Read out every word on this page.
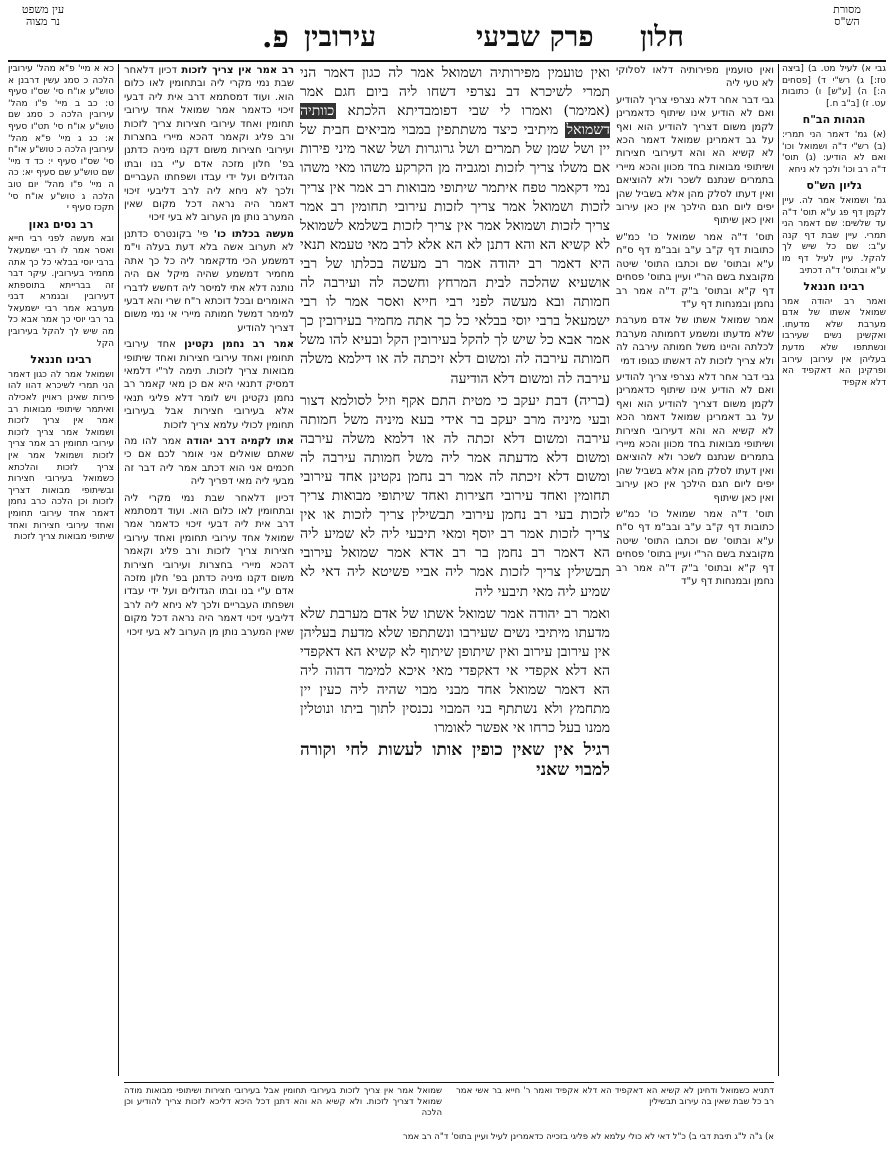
עין משפט
נר מצוה	פ. עירובין	פרק שביעי חלון
מסורת
הש"ס

גבי א) לעיל מט. ב) [ביצה טז:] ג) רש"י ד) [פסחים ה:] ה) [ע"ש] ו) כתובות עט. ז) [ב"ב ח.]

הגהות הב"ח

(א) גמ' דאמר הני תמרי: (ב) רש"י ד"ה ושמואל וכו' ואם לא הודיע: (ג) תוס' ד"ה רב וכו' ולכך לא ניחא

גליון הש"ס

גמ' ושמואל אמר לה. עיין לקמן דף פג ע"א תוס' ד"ה עד שלשים: שם דאמר הני תמרי. עיין שבת דף קנה ע"ב: שם כל שיש לך להקל. עיין לעיל דף מו ע"א ובתוס' ד"ה דכתיב

רבינו חננאל

ואמר רב יהודה אמר שמואל אשתו של אדם מערבת שלא מדעתו. ואקשינן נשים שעירבו ונשתתפו שלא מדעת בעליהן אין עירובן עירוב ופרקינן הא דאקפיד הא דלא אקפיד

כא א מיי' פ"א מהל' עירובין הלכה כ סמג עשין דרבנן א טוש"ע או"ח סי' שס"ו סעיף ט: כב ב מיי' פ"ו מהל' עירובין הלכה כ סמג שם טוש"ע או"ח סי' תט"ו סעיף א: כג ג מיי' פ"א מהל' עירובין הלכה כ טוש"ע או"ח סי' שס"ו סעיף י: כד ד מיי' שם טוש"ע שם סעיף יא: כה ה מיי' פ"ו מהל' יום טוב הלכה ג טוש"ע או"ח סי' תקכז סעיף י

רב נסים גאון

ובא מעשה לפני רבי חייא ואסר אמר לו רבי ישמעאל ברבי יוסי בבלאי כל כך אתה מחמיר בעירובין. עיקר דבר זה בברייתא בתוספתא דעירובין ובגמרא דבני מערבא אמר רבי ישמעאל בר רבי יוסי כך אמר אבא כל מה שיש לך להקל בעירובין הקל

רבינו חננאל

ושמואל אמר לה כגון דאמר הני תמרי לשיכרא דהוו להו פירות שאינן ראויין לאכילה ואיתמר שיתופי מבואות רב אמר אין צריך לזכות ושמואל אמר צריך לזכות עירובי תחומין רב אמר צריך לזכות ושמואל אמר אין צריך לזכות והלכתא כשמואל בעירובי חצירות ובשיתופי מבואות דצריך לזכות וכן הלכה כרב נחמן דאמר אחד עירובי תחומין ואחד עירובי חצירות ואחד שיתופי מבואות צריך לזכות

ואין טועמין מפירותיה דלאו לסלוקי לא טעי ליה

גבי דבר אחר דלא נצרפי צריך להודיע ואם לא הודיע אינו שיתוף כדאמרינן לקמן משום דצריך להודיע הוא ואף על גב דאמרינן שמואל דאמר הכא לא קשיא הא והא דעירובי חצירות ושיתופי מבואות בחד מכוון והכא מיירי בתמרים שנתנם לשכר ולא להוציאם ואין דעתו לסלק מהן אלא בשביל שהן יפים ליום חגם הילכך אין כאן עירוב ואין כאן שיתוף

תוס' ד"ה אמר שמואל כו' כמ"ש כתובות דף ק"ב ע"ב ובב"מ דף ס"ח ע"א ובתוס' שם וכתבו התוס' שיטה מקובצת בשם הר"י ועיין בתוס' פסחים דף ק"א ובתוס' ב"ק ד"ה אמר רב נחמן ובמנחות דף ע"ד

אמר שמואל אשתו של אדם מערבת שלא מדעתו ומשמע דחמותה מערבת לכלתה והיינו משל חמותה עירבה לה ולא צריך לזכות לה דאשתו כגופו דמי

גבי דבר אחר דלא נצרפי צריך להודיע ואם לא הודיע אינו שיתוף כדאמרינן לקמן משום דצריך להודיע הוא ואף על גב דאמרינן שמואל דאמר הכא לא קשיא הא והא דעירובי חצירות ושיתופי מבואות בחד מכוון והכא מיירי בתמרים שנתנם לשכר ולא להוציאם ואין דעתו לסלק מהן אלא בשביל שהן יפים ליום חגם הילכך אין כאן עירוב ואין כאן שיתוף

תוס' ד"ה אמר שמואל כו' כמ"ש כתובות דף ק"ב ע"ב ובב"מ דף ס"ח ע"א ובתוס' שם וכתבו התוס' שיטה מקובצת בשם הר"י ועיין בתוס' פסחים דף ק"א ובתוס' ב"ק ד"ה אמר רב נחמן ובמנחות דף ע"ד

רב אמר אין צריך לזכות דכיון דלאחר שבת נמי מקרי ליה ובתחומין לאו כלום הוא. ועוד דמסתמא דרב אית ליה דבעי זיכוי כדאמר אמר שמואל אחד עירובי תחומין ואחד עירובי חצירות צריך לזכות ורב פליג וקאמר דהכא מיירי בחצרות ועירובי חצירות משום דקנו מיניה כדתנן בפ' חלון מזכה אדם ע"י בנו ובתו הגדולים ועל ידי עבדו ושפחתו העבריים ולכך לא ניחא ליה לרב דליבעי זיכוי דאמר היה נראה דכל מקום שאין המערב נותן מן הערוב לא בעי זיכוי

מעשה בכלתו כו' פי' בקונטרס כדתנן לא תערוב אשה בלא דעת בעלה וי"מ דמשמע הכי מדקאמר ליה כל כך אתה מחמיר דמשמע שהיה מיקל אם היה נותנה דלא אתי למיסר ליה דחשש לדברי האומרים ובכל דוכתא ר"ח שרי והא דבעי למימר דמשל חמותה מיירי אי נמי משום דצריך להודיע

אמר רב נחמן נקטינן אחד עירובי תחומין ואחד עירובי חצירות ואחד שיתופי מבואות צריך לזכות. תימה לר"י דלמאי דמסיק דתנאי היא אם כן מאי קאמר רב נחמן נקטינן ויש לומר דלא פליגי תנאי אלא בעירובי חצירות אבל בעירובי תחומין לכולי עלמא צריך לזכות

אתו לקמיה דרב יהודה אמר להו מה שאתם שואלים אני אומר לכם אם כי חכמים אני הוא דכתב אמר ליה דבר זה מבעי ליה מאי דפריך ליה

דכיון דלאחר שבת נמי מקרי ליה ובתחומין לאו כלום הוא. ועוד דמסתמא דרב אית ליה דבעי זיכוי כדאמר אמר שמואל אחד עירובי תחומין ואחד עירובי חצירות צריך לזכות ורב פליג וקאמר דהכא מיירי בחצרות ועירובי חצירות משום דקנו מיניה כדתנן בפ' חלון מזכה אדם ע"י בנו ובתו הגדולים ועל ידי עבדו ושפחתו העבריים ולכך לא ניחא ליה לרב דליבעי זיכוי דאמר היה נראה דכל מקום שאין המערב נותן מן הערוב לא בעי זיכוי

ואין טועמין מפירותיה ושמואל אמר לה כגון דאמר הני תמרי לשיכרא דב נצרפי דשחו ליה ביום חגם אמר (אמימר) ואמרו לי שבי דפומבדיתא הלכתא כוותיה דשמואל מיתיבי כיצד משתתפין במבוי מביאים חבית של יין ושל שמן של תמרים ושל גרוגרות ושל שאר מיני פירות אם משלו צריך לזכות ומגביה מן הקרקע משהו מאי משהו נמי דקאמר טפח איתמר שיתופי מבואות רב אמר אין צריך לזכות ושמואל אמר צריך לזכות עירובי תחומין רב אמר צריך לזכות ושמואל אמר אין צריך לזכות בשלמא לשמואל לא קשיא הא והא דתנן לא הא אלא לרב מאי טעמא תנאי היא דאמר רב יהודה אמר רב מעשה בכלתו של רבי אושעיא שהלכה לבית המרחץ וחשכה לה ועירבה לה חמותה ובא מעשה לפני רבי חייא ואסר אמר לו רבי ישמעאל ברבי יוסי בבלאי כל כך אתה מחמיר בעירובין כך אמר אבא כל שיש לך להקל בעירובין הקל ובעיא להו משל חמותה עירבה לה ומשום דלא זיכתה לה או דילמא משלה עירבה לה ומשום דלא הודיעה

(בריה) דבת יעקב כי מטית התם אקף וזיל לסולמא דצור ובעי מיניה מרב יעקב בר אידי בעא מיניה משל חמותה עירבה ומשום דלא זכתה לה או דלמא משלה עירבה ומשום דלא מדעתה אמר ליה משל חמותה עירבה לה ומשום דלא זיכתה לה אמר רב נחמן נקטינן אחד עירובי תחומין ואחד עירובי חצירות ואחד שיתופי מבואות צריך לזכות בעי רב נחמן עירובי תבשילין צריך לזכות או אין צריך לזכות אמר רב יוסף ומאי תיבעי ליה לא שמיע ליה הא דאמר רב נחמן בר רב אדא אמר שמואל עירובי תבשילין צריך לזכות אמר ליה אביי פשיטא ליה דאי לא שמיע ליה מאי תיבעי ליה

ואמר רב יהודה אמר שמואל אשתו של אדם מערבת שלא מדעתו מיתיבי נשים שעירבו ונשתתפו שלא מדעת בעליהן אין עירובן עירוב ואין שיתופן שיתוף לא קשיא הא דאקפדי הא דלא אקפדי אי דאקפדי מאי איכא למימר דהוה ליה הא דאמר שמואל אחד מבני מבוי שהיה ליה כעין יין מתחמץ ולא נשתתף בני המבוי נכנסין לתוך ביתו ונוטלין ממנו בעל כרחו אי אפשר לאומרו

רגיל אין שאין כופין אותו לעשות לחי וקורה למבוי שאני

שמואל אמר אין צריך לזכות בעירובי תחומין אבל בעירובי חצירות ושיתופי מבואות מודה שמואל דצריך לזכות. ולא קשיא הא והא דתנן דכל היכא דליכא לזכות צריך להודיע וכן הלכה
דתניא כשמואל ודחינן לא קשיא הא דאקפיד הא דלא אקפיד ואמר ר' חייא בר אשי אמר רב כל שבת שאין בה עירוב תבשילין
א) ג"ה ל"ג תיבת דבי ב) כ"ל דאי לא כולי עלמא לא פליגי בזכייה כדאמרינן לעיל ועיין בתוס' ד"ה רב אמר
